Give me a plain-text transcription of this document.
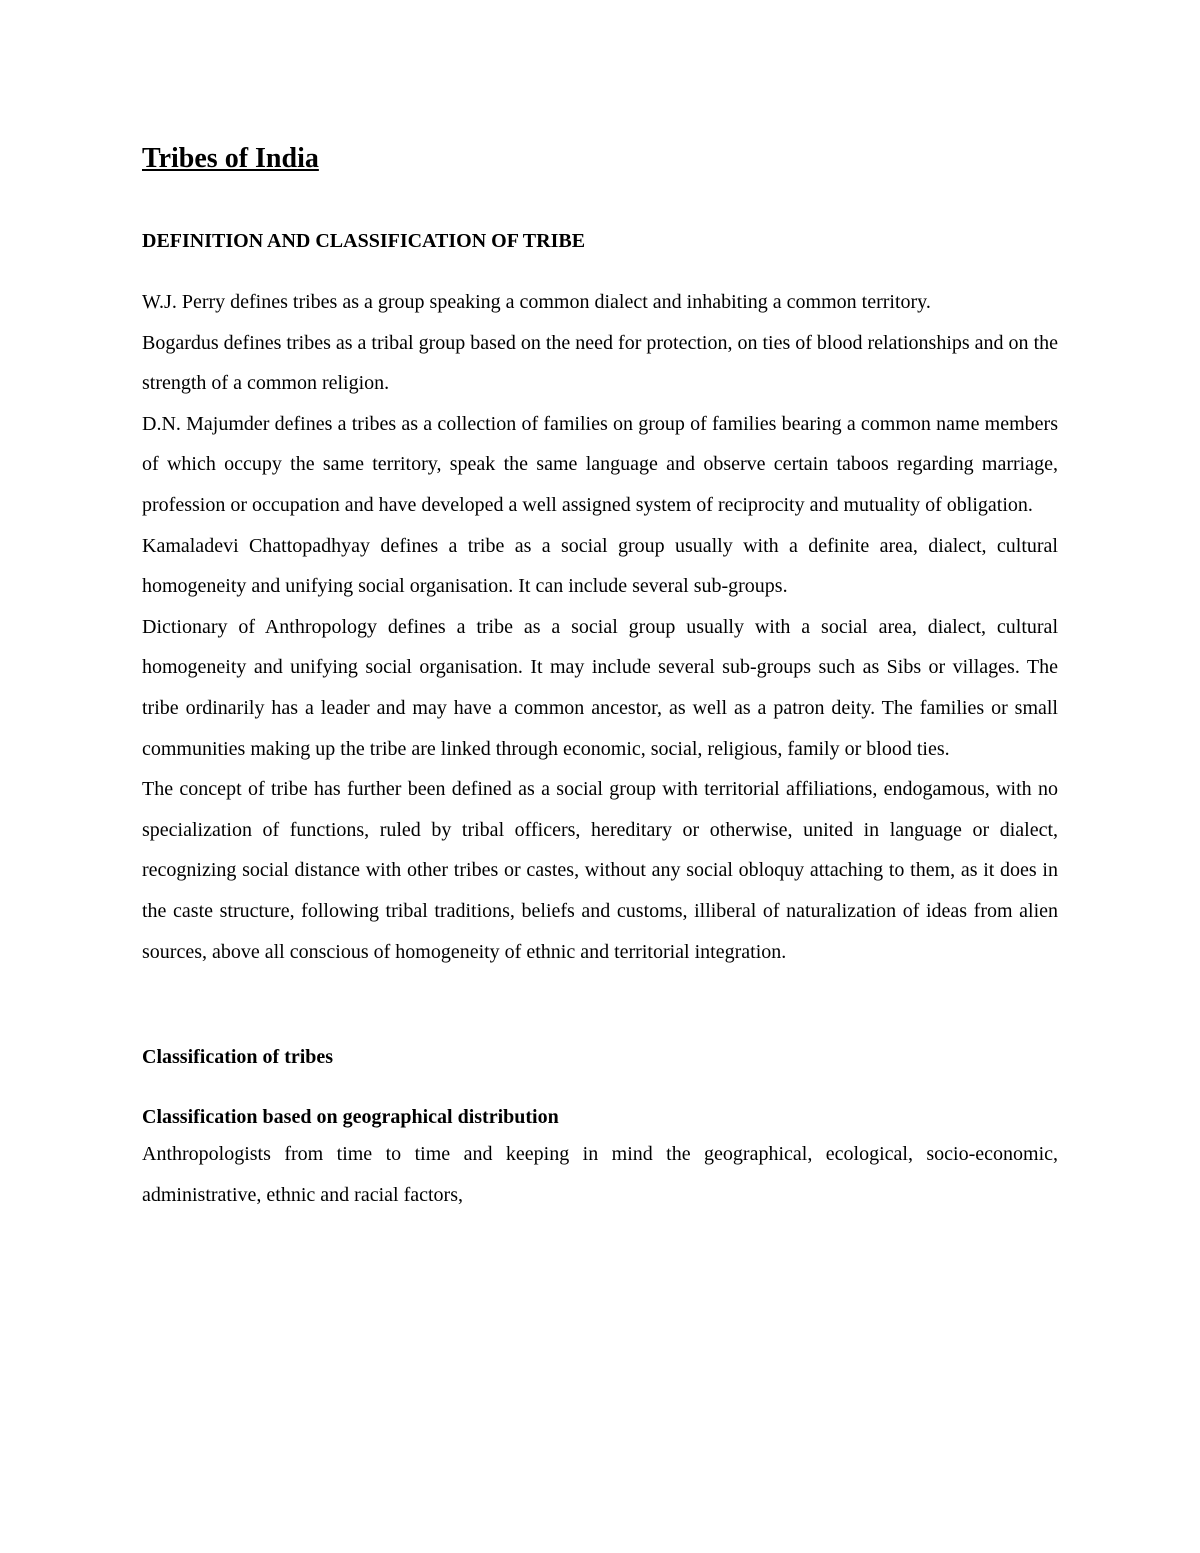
Tribes of India
DEFINITION AND CLASSIFICATION OF TRIBE

W.J. Perry defines tribes as a group speaking a common dialect and inhabiting a common territory.

Bogardus defines tribes as a tribal group based on the need for protection, on ties of blood relationships and on the strength of a common religion.

D.N. Majumder defines a tribes as a collection of families on group of families bearing a common name members of which occupy the same territory, speak the same language and observe certain taboos regarding marriage, profession or occupation and have developed a well assigned system of reciprocity and mutuality of obligation.

Kamaladevi Chattopadhyay defines a tribe as a social group usually with a definite area, dialect, cultural homogeneity and unifying social organisation. It can include several sub-groups.

Dictionary of Anthropology defines a tribe as a social group usually with a social area, dialect, cultural homogeneity and unifying social organisation. It may include several sub-groups such as Sibs or villages. The tribe ordinarily has a leader and may have a common ancestor, as well as a patron deity. The families or small communities making up the tribe are linked through economic, social, religious, family or blood ties.

The concept of tribe has further been defined as a social group with territorial affiliations, endogamous, with no specialization of functions, ruled by tribal officers, hereditary or otherwise, united in language or dialect, recognizing social distance with other tribes or castes, without any social obloquy attaching to them, as it does in the caste structure, following tribal traditions, beliefs and customs, illiberal of naturalization of ideas from alien sources, above all conscious of homogeneity of ethnic and territorial integration.

Classification of tribes
Classification based on geographical distribution

Anthropologists from time to time and keeping in mind the geographical, ecological, socio-economic, administrative, ethnic and racial factors,
